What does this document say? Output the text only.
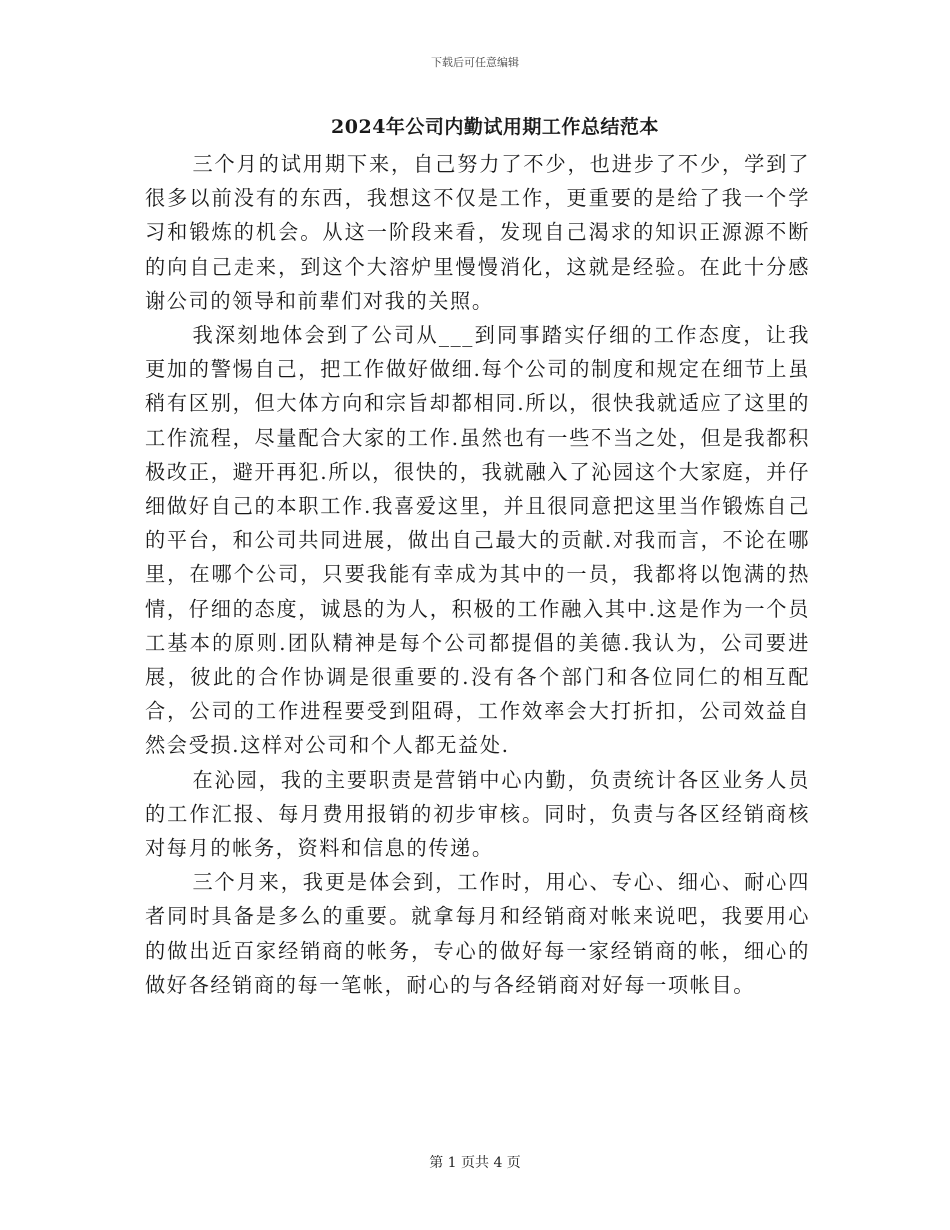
下载后可任意编辑
2024年公司内勤试用期工作总结范本

三个月的试用期下来，自己努力了不少，也进步了不少，学到了很多以前没有的东西，我想这不仅是工作，更重要的是给了我一个学习和锻炼的机会。从这一阶段来看，发现自己渴求的知识正源源不断的向自己走来，到这个大溶炉里慢慢消化，这就是经验。在此十分感谢公司的领导和前辈们对我的关照。

我深刻地体会到了公司从___到同事踏实仔细的工作态度，让我更加的警惕自己，把工作做好做细.每个公司的制度和规定在细节上虽稍有区别，但大体方向和宗旨却都相同.所以，很快我就适应了这里的工作流程，尽量配合大家的工作.虽然也有一些不当之处，但是我都积极改正，避开再犯.所以，很快的，我就融入了沁园这个大家庭，并仔细做好自己的本职工作.我喜爱这里，并且很同意把这里当作锻炼自己的平台，和公司共同进展，做出自己最大的贡献.对我而言，不论在哪里，在哪个公司，只要我能有幸成为其中的一员，我都将以饱满的热情，仔细的态度，诚恳的为人，积极的工作融入其中.这是作为一个员工基本的原则.团队精神是每个公司都提倡的美德.我认为，公司要进展，彼此的合作协调是很重要的.没有各个部门和各位同仁的相互配合，公司的工作进程要受到阻碍，工作效率会大打折扣，公司效益自然会受损.这样对公司和个人都无益处.

在沁园，我的主要职责是营销中心内勤，负责统计各区业务人员的工作汇报、每月费用报销的初步审核。同时，负责与各区经销商核对每月的帐务，资料和信息的传递。

三个月来，我更是体会到，工作时，用心、专心、细心、耐心四者同时具备是多么的重要。就拿每月和经销商对帐来说吧，我要用心的做出近百家经销商的帐务，专心的做好每一家经销商的帐，细心的做好各经销商的每一笔帐，耐心的与各经销商对好每一项帐目。

第 1 页共 4 页
